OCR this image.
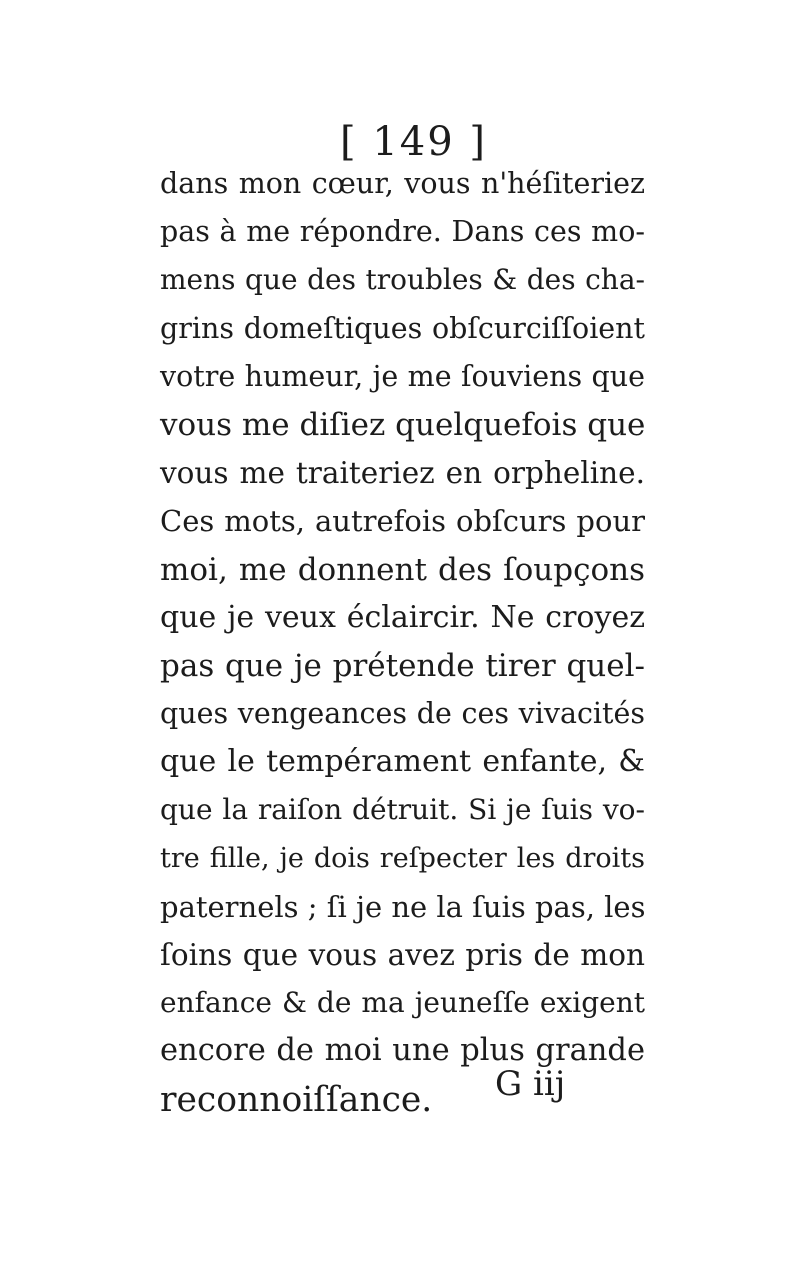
[ 149 ]
dans mon cœur, vous n'héſiteriez
pas à me répondre. Dans ces mo-
mens que des troubles & des cha-
grins domeſtiques obſcurciſſoient
votre humeur, je me ſouviens que
vous me diſiez quelquefois que
vous me traiteriez en orpheline.
Ces mots, autrefois obſcurs pour
moi, me donnent des ſoupçons
que je veux éclaircir. Ne croyez
pas que je prétende tirer quel-
ques vengeances de ces vivacités
que le tempérament enfante, &
que la raiſon détruit. Si je ſuis vo-
tre fille, je dois reſpecter les droits
paternels ; ſi je ne la ſuis pas, les
ſoins que vous avez pris de mon
enfance & de ma jeuneſſe exigent
encore de moi une plus grande
reconnoiſſance.	G iij
